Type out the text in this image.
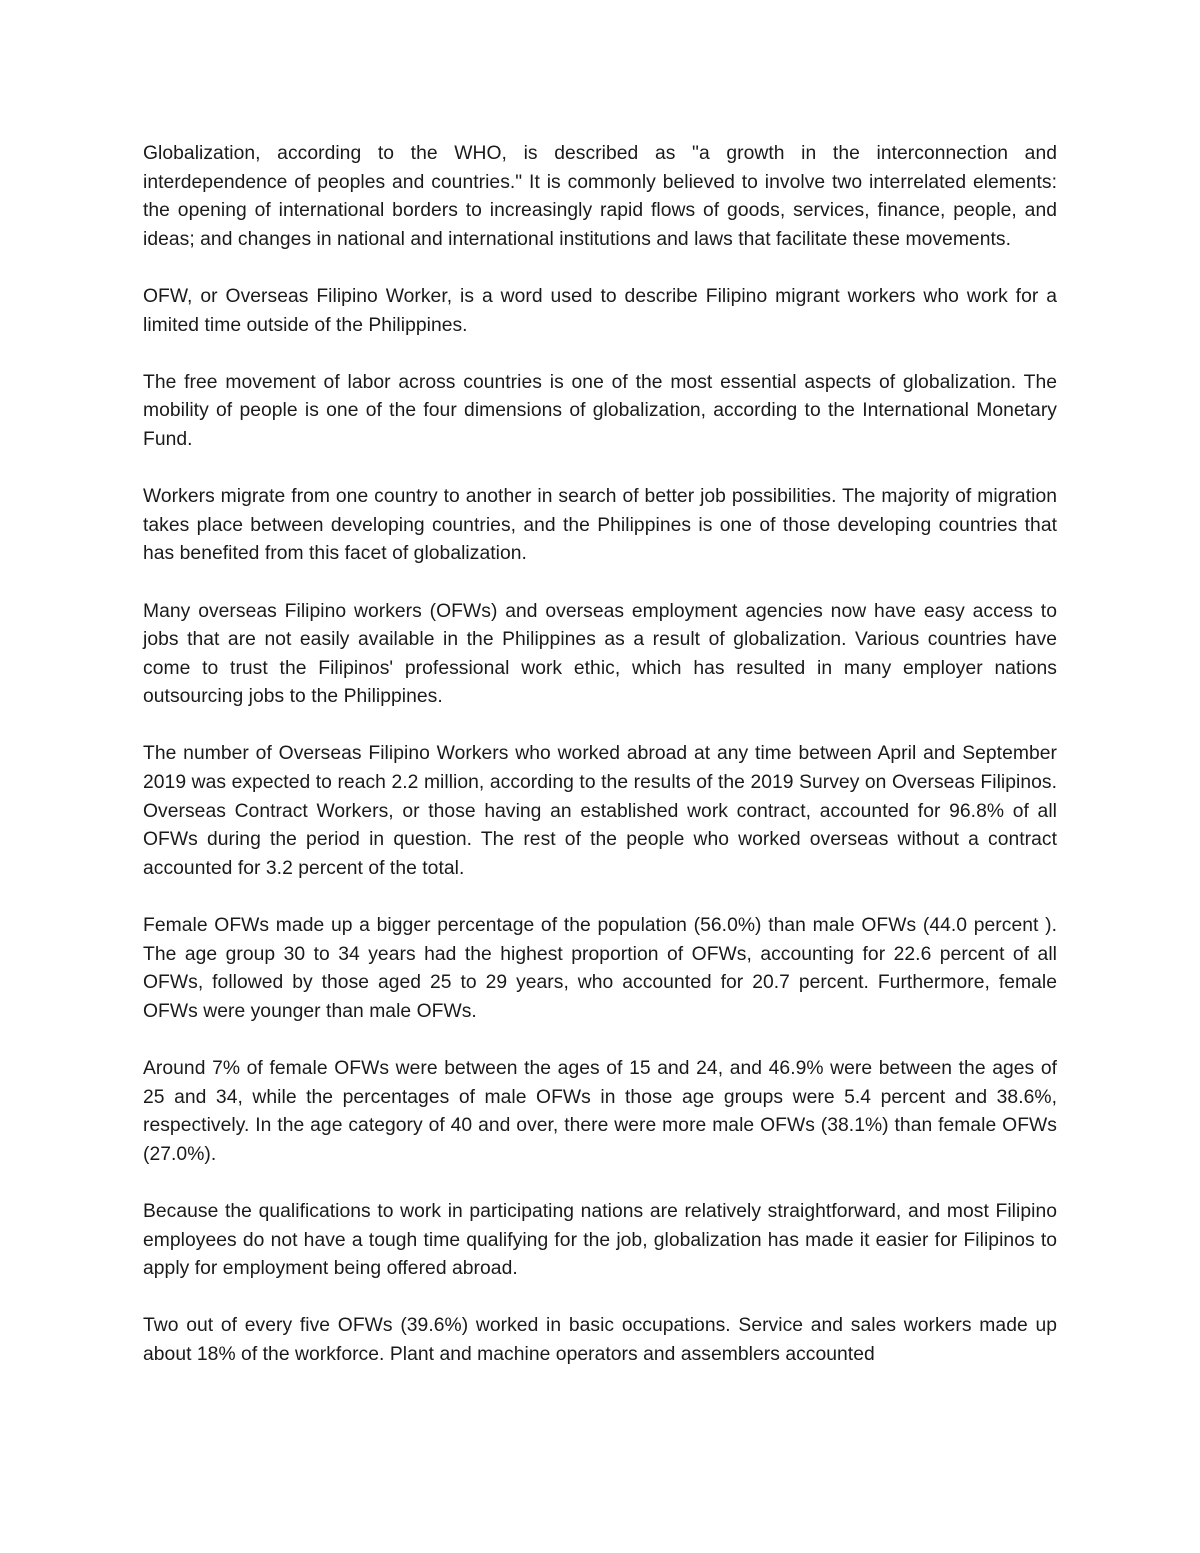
Globalization, according to the WHO, is described as "a growth in the interconnection and interdependence of peoples and countries." It is commonly believed to involve two interrelated elements: the opening of international borders to increasingly rapid flows of goods, services, finance, people, and ideas; and changes in national and international institutions and laws that facilitate these movements.

OFW, or Overseas Filipino Worker, is a word used to describe Filipino migrant workers who work for a limited time outside of the Philippines.

The free movement of labor across countries is one of the most essential aspects of globalization. The mobility of people is one of the four dimensions of globalization, according to the International Monetary Fund.

Workers migrate from one country to another in search of better job possibilities. The majority of migration takes place between developing countries, and the Philippines is one of those developing countries that has benefited from this facet of globalization.

Many overseas Filipino workers (OFWs) and overseas employment agencies now have easy access to jobs that are not easily available in the Philippines as a result of globalization. Various countries have come to trust the Filipinos' professional work ethic, which has resulted in many employer nations outsourcing jobs to the Philippines.

The number of Overseas Filipino Workers who worked abroad at any time between April and September 2019 was expected to reach 2.2 million, according to the results of the 2019 Survey on Overseas Filipinos. Overseas Contract Workers, or those having an established work contract, accounted for 96.8% of all OFWs during the period in question. The rest of the people who worked overseas without a contract accounted for 3.2 percent of the total.

Female OFWs made up a bigger percentage of the population (56.0%) than male OFWs (44.0 percent ). The age group 30 to 34 years had the highest proportion of OFWs, accounting for 22.6 percent of all OFWs, followed by those aged 25 to 29 years, who accounted for 20.7 percent. Furthermore, female OFWs were younger than male OFWs.

Around 7% of female OFWs were between the ages of 15 and 24, and 46.9% were between the ages of 25 and 34, while the percentages of male OFWs in those age groups were 5.4 percent and 38.6%, respectively. In the age category of 40 and over, there were more male OFWs (38.1%) than female OFWs (27.0%).

Because the qualifications to work in participating nations are relatively straightforward, and most Filipino employees do not have a tough time qualifying for the job, globalization has made it easier for Filipinos to apply for employment being offered abroad.

Two out of every five OFWs (39.6%) worked in basic occupations. Service and sales workers made up about 18% of the workforce. Plant and machine operators and assemblers accounted
